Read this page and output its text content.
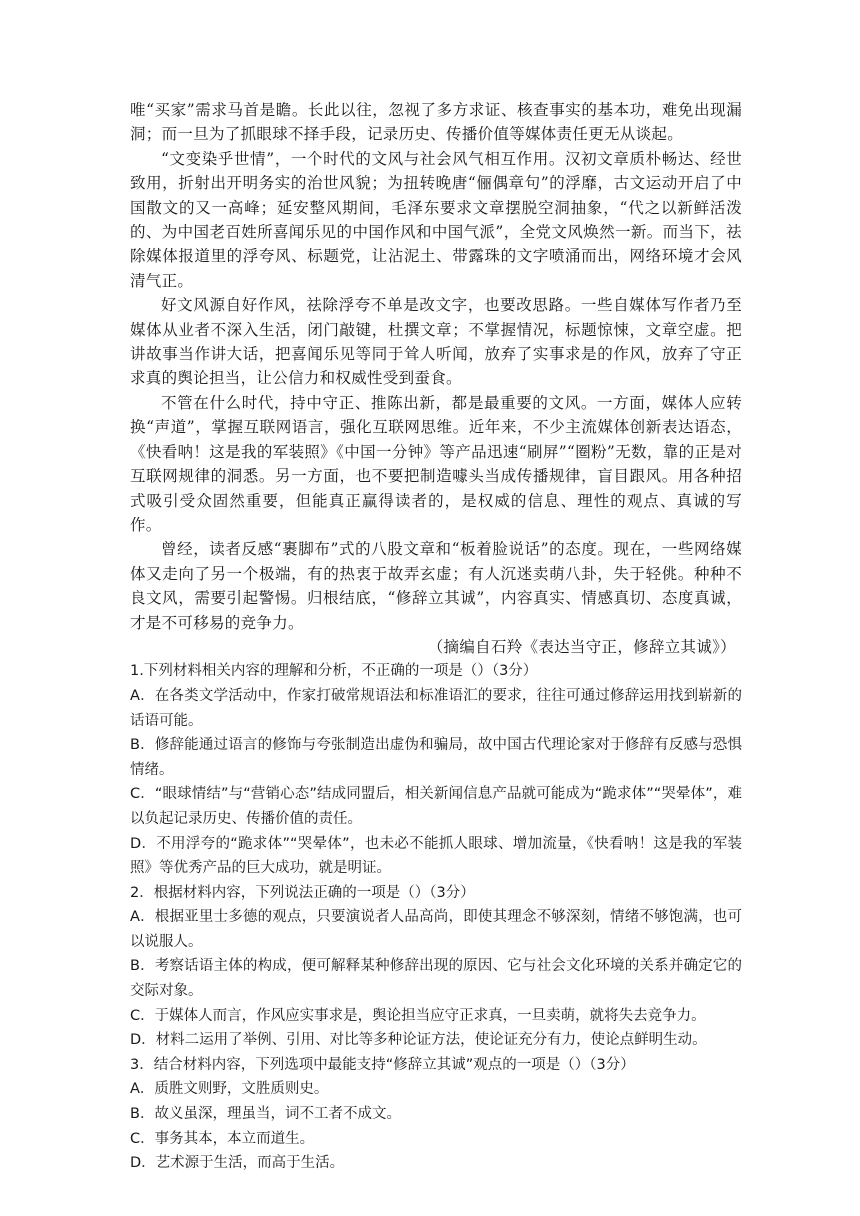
唯“买家”需求马首是瞻。长此以往，忽视了多方求证、核查事实的基本功，难免出现漏洞；而一旦为了抓眼球不择手段，记录历史、传播价值等媒体责任更无从谈起。

“文变染乎世情”，一个时代的文风与社会风气相互作用。汉初文章质朴畅达、经世致用，折射出开明务实的治世风貌；为扭转晚唐“俪偶章句”的浮靡，古文运动开启了中国散文的又一高峰；延安整风期间，毛泽东要求文章摆脱空洞抽象，“代之以新鲜活泼的、为中国老百姓所喜闻乐见的中国作风和中国气派”，全党文风焕然一新。而当下，祛除媒体报道里的浮夸风、标题党，让沾泥土、带露珠的文字喷涌而出，网络环境才会风清气正。

好文风源自好作风，祛除浮夸不单是改文字，也要改思路。一些自媒体写作者乃至媒体从业者不深入生活，闭门敲键，杜撰文章；不掌握情况，标题惊悚，文章空虚。把讲故事当作讲大话，把喜闻乐见等同于耸人听闻，放弃了实事求是的作风，放弃了守正求真的舆论担当，让公信力和权威性受到蚕食。

不管在什么时代，持中守正、推陈出新，都是最重要的文风。一方面，媒体人应转换“声道”，掌握互联网语言，强化互联网思维。近年来，不少主流媒体创新表达语态，《快看呐！这是我的军装照》《中国一分钟》等产品迅速“刷屏”“圈粉”无数，靠的正是对互联网规律的洞悉。另一方面，也不要把制造噱头当成传播规律，盲目跟风。用各种招式吸引受众固然重要，但能真正赢得读者的，是权威的信息、理性的观点、真诚的写作。

曾经，读者反感“裹脚布”式的八股文章和“板着脸说话”的态度。现在，一些网络媒体又走向了另一个极端，有的热衷于故弄玄虚；有人沉迷卖萌八卦，失于轻佻。种种不良文风，需要引起警惕。归根结底，“修辞立其诚”，内容真实、情感真切、态度真诚，才是不可移易的竞争力。

（摘编自石羚《表达当守正，修辞立其诚》）

1.下列材料相关内容的理解和分析，不正确的一项是（）（3分）

A．在各类文学活动中，作家打破常规语法和标准语汇的要求，往往可通过修辞运用找到崭新的话语可能。

B．修辞能通过语言的修饰与夸张制造出虚伪和骗局，故中国古代理论家对于修辞有反感与恐惧情绪。

C．“眼球情结”与“营销心态”结成同盟后，相关新闻信息产品就可能成为“跪求体”“哭晕体”，难以负起记录历史、传播价值的责任。

D．不用浮夸的“跪求体”“哭晕体”，也未必不能抓人眼球、增加流量，《快看呐！这是我的军装照》等优秀产品的巨大成功，就是明证。

2．根据材料内容，下列说法正确的一项是（）（3分）

A．根据亚里士多德的观点，只要演说者人品高尚，即使其理念不够深刻，情绪不够饱满，也可以说服人。

B．考察话语主体的构成，便可解释某种修辞出现的原因、它与社会文化环境的关系并确定它的交际对象。

C．于媒体人而言，作风应实事求是，舆论担当应守正求真，一旦卖萌，就将失去竞争力。

D．材料二运用了举例、引用、对比等多种论证方法，使论证充分有力，使论点鲜明生动。

3．结合材料内容，下列选项中最能支持“修辞立其诚”观点的一项是（）（3分）

A．质胜文则野，文胜质则史。

B．故义虽深，理虽当，词不工者不成文。

C．事务其本，本立而道生。

D．艺术源于生活，而高于生活。
